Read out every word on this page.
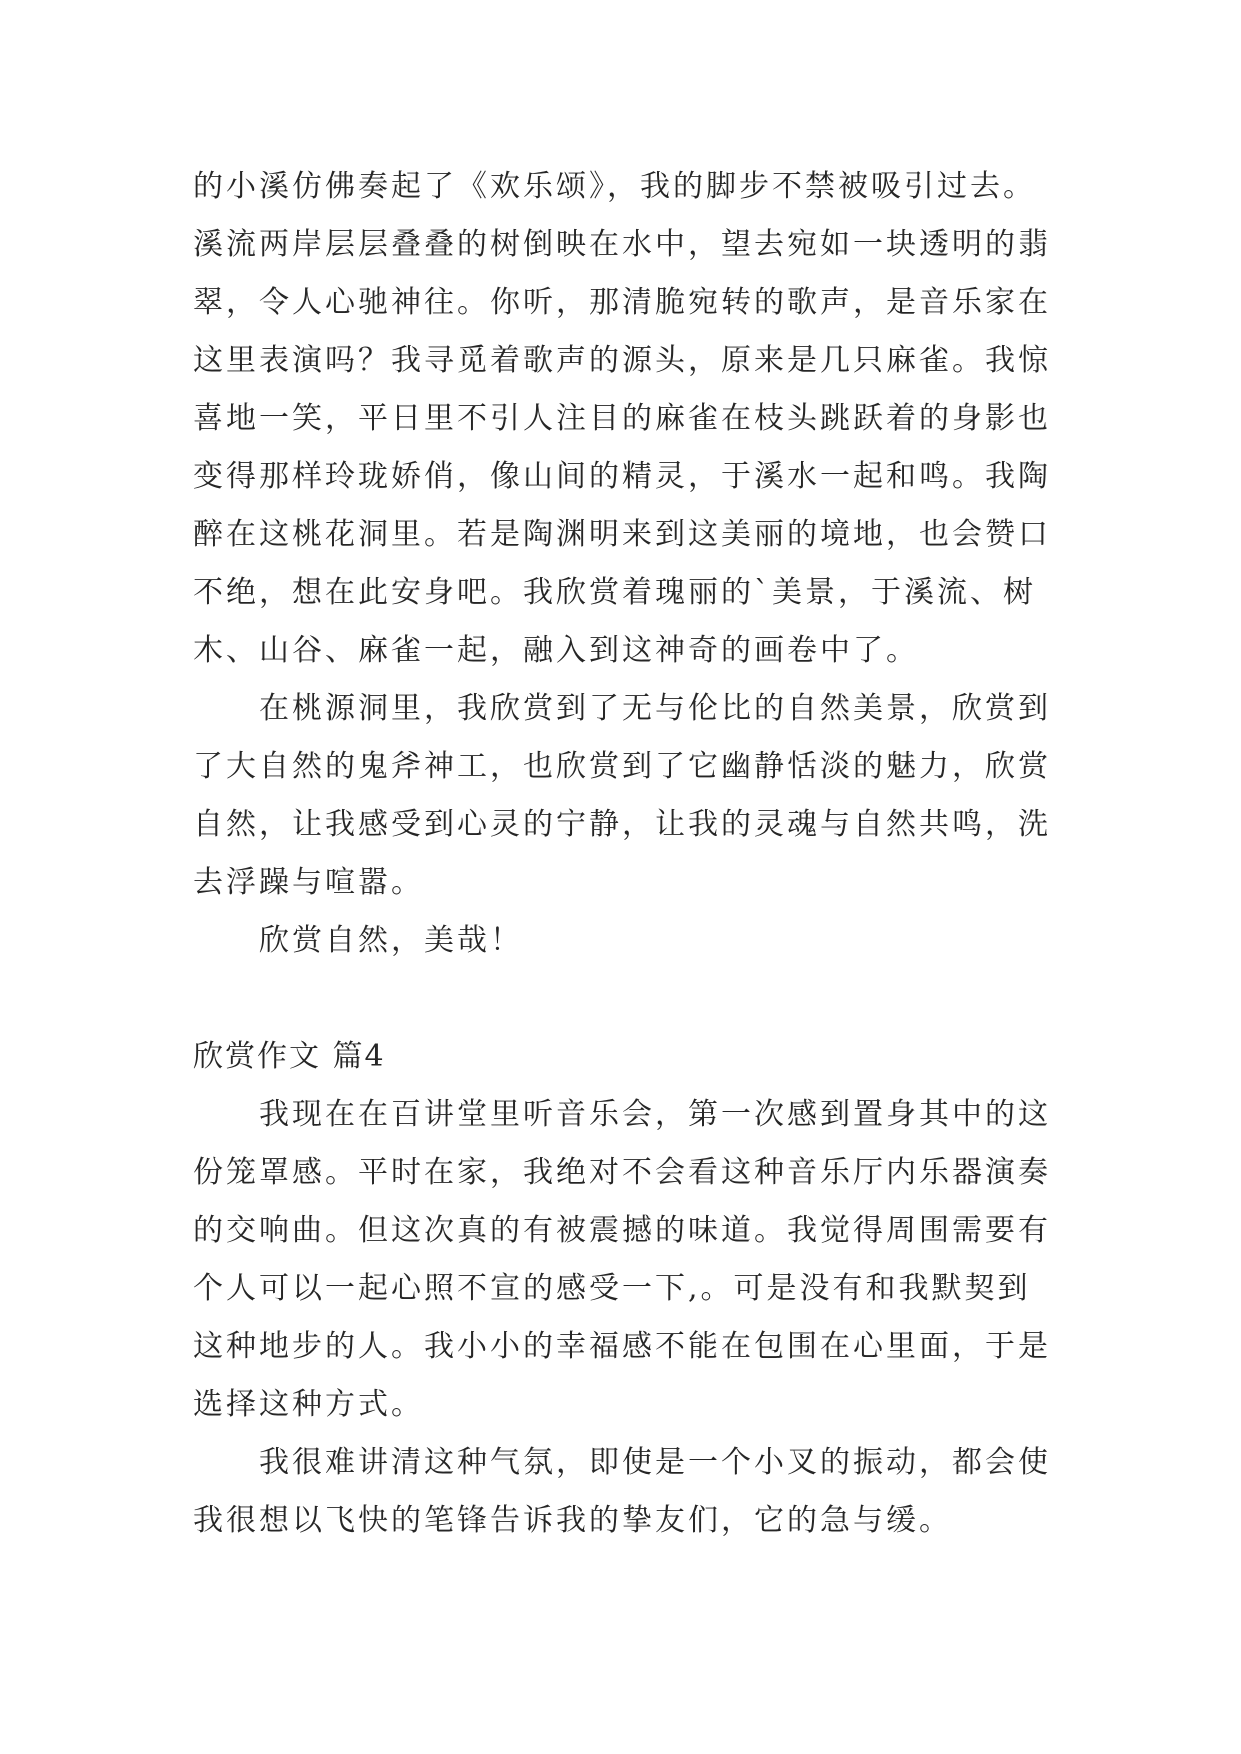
的小溪仿佛奏起了《欢乐颂》，我的脚步不禁被吸引过去。
溪流两岸层层叠叠的树倒映在水中，望去宛如一块透明的翡
翠，令人心驰神往。你听，那清脆宛转的歌声，是音乐家在
这里表演吗？我寻觅着歌声的源头，原来是几只麻雀。我惊
喜地一笑，平日里不引人注目的麻雀在枝头跳跃着的身影也
变得那样玲珑娇俏，像山间的精灵，于溪水一起和鸣。我陶
醉在这桃花洞里。若是陶渊明来到这美丽的境地，也会赞口
不绝，想在此安身吧。我欣赏着瑰丽的`美景，于溪流、树
木、山谷、麻雀一起，融入到这神奇的画卷中了。
在桃源洞里，我欣赏到了无与伦比的自然美景，欣赏到
了大自然的鬼斧神工，也欣赏到了它幽静恬淡的魅力，欣赏
自然，让我感受到心灵的宁静，让我的灵魂与自然共鸣，洗
去浮躁与喧嚣。
欣赏自然，美哉！
欣赏作文 篇4
我现在在百讲堂里听音乐会，第一次感到置身其中的这
份笼罩感。平时在家，我绝对不会看这种音乐厅内乐器演奏
的交响曲。但这次真的有被震撼的味道。我觉得周围需要有
个人可以一起心照不宣的感受一下,。可是没有和我默契到
这种地步的人。我小小的幸福感不能在包围在心里面，于是
选择这种方式。
我很难讲清这种气氛，即使是一个小叉的振动，都会使
我很想以飞快的笔锋告诉我的挚友们，它的急与缓。
